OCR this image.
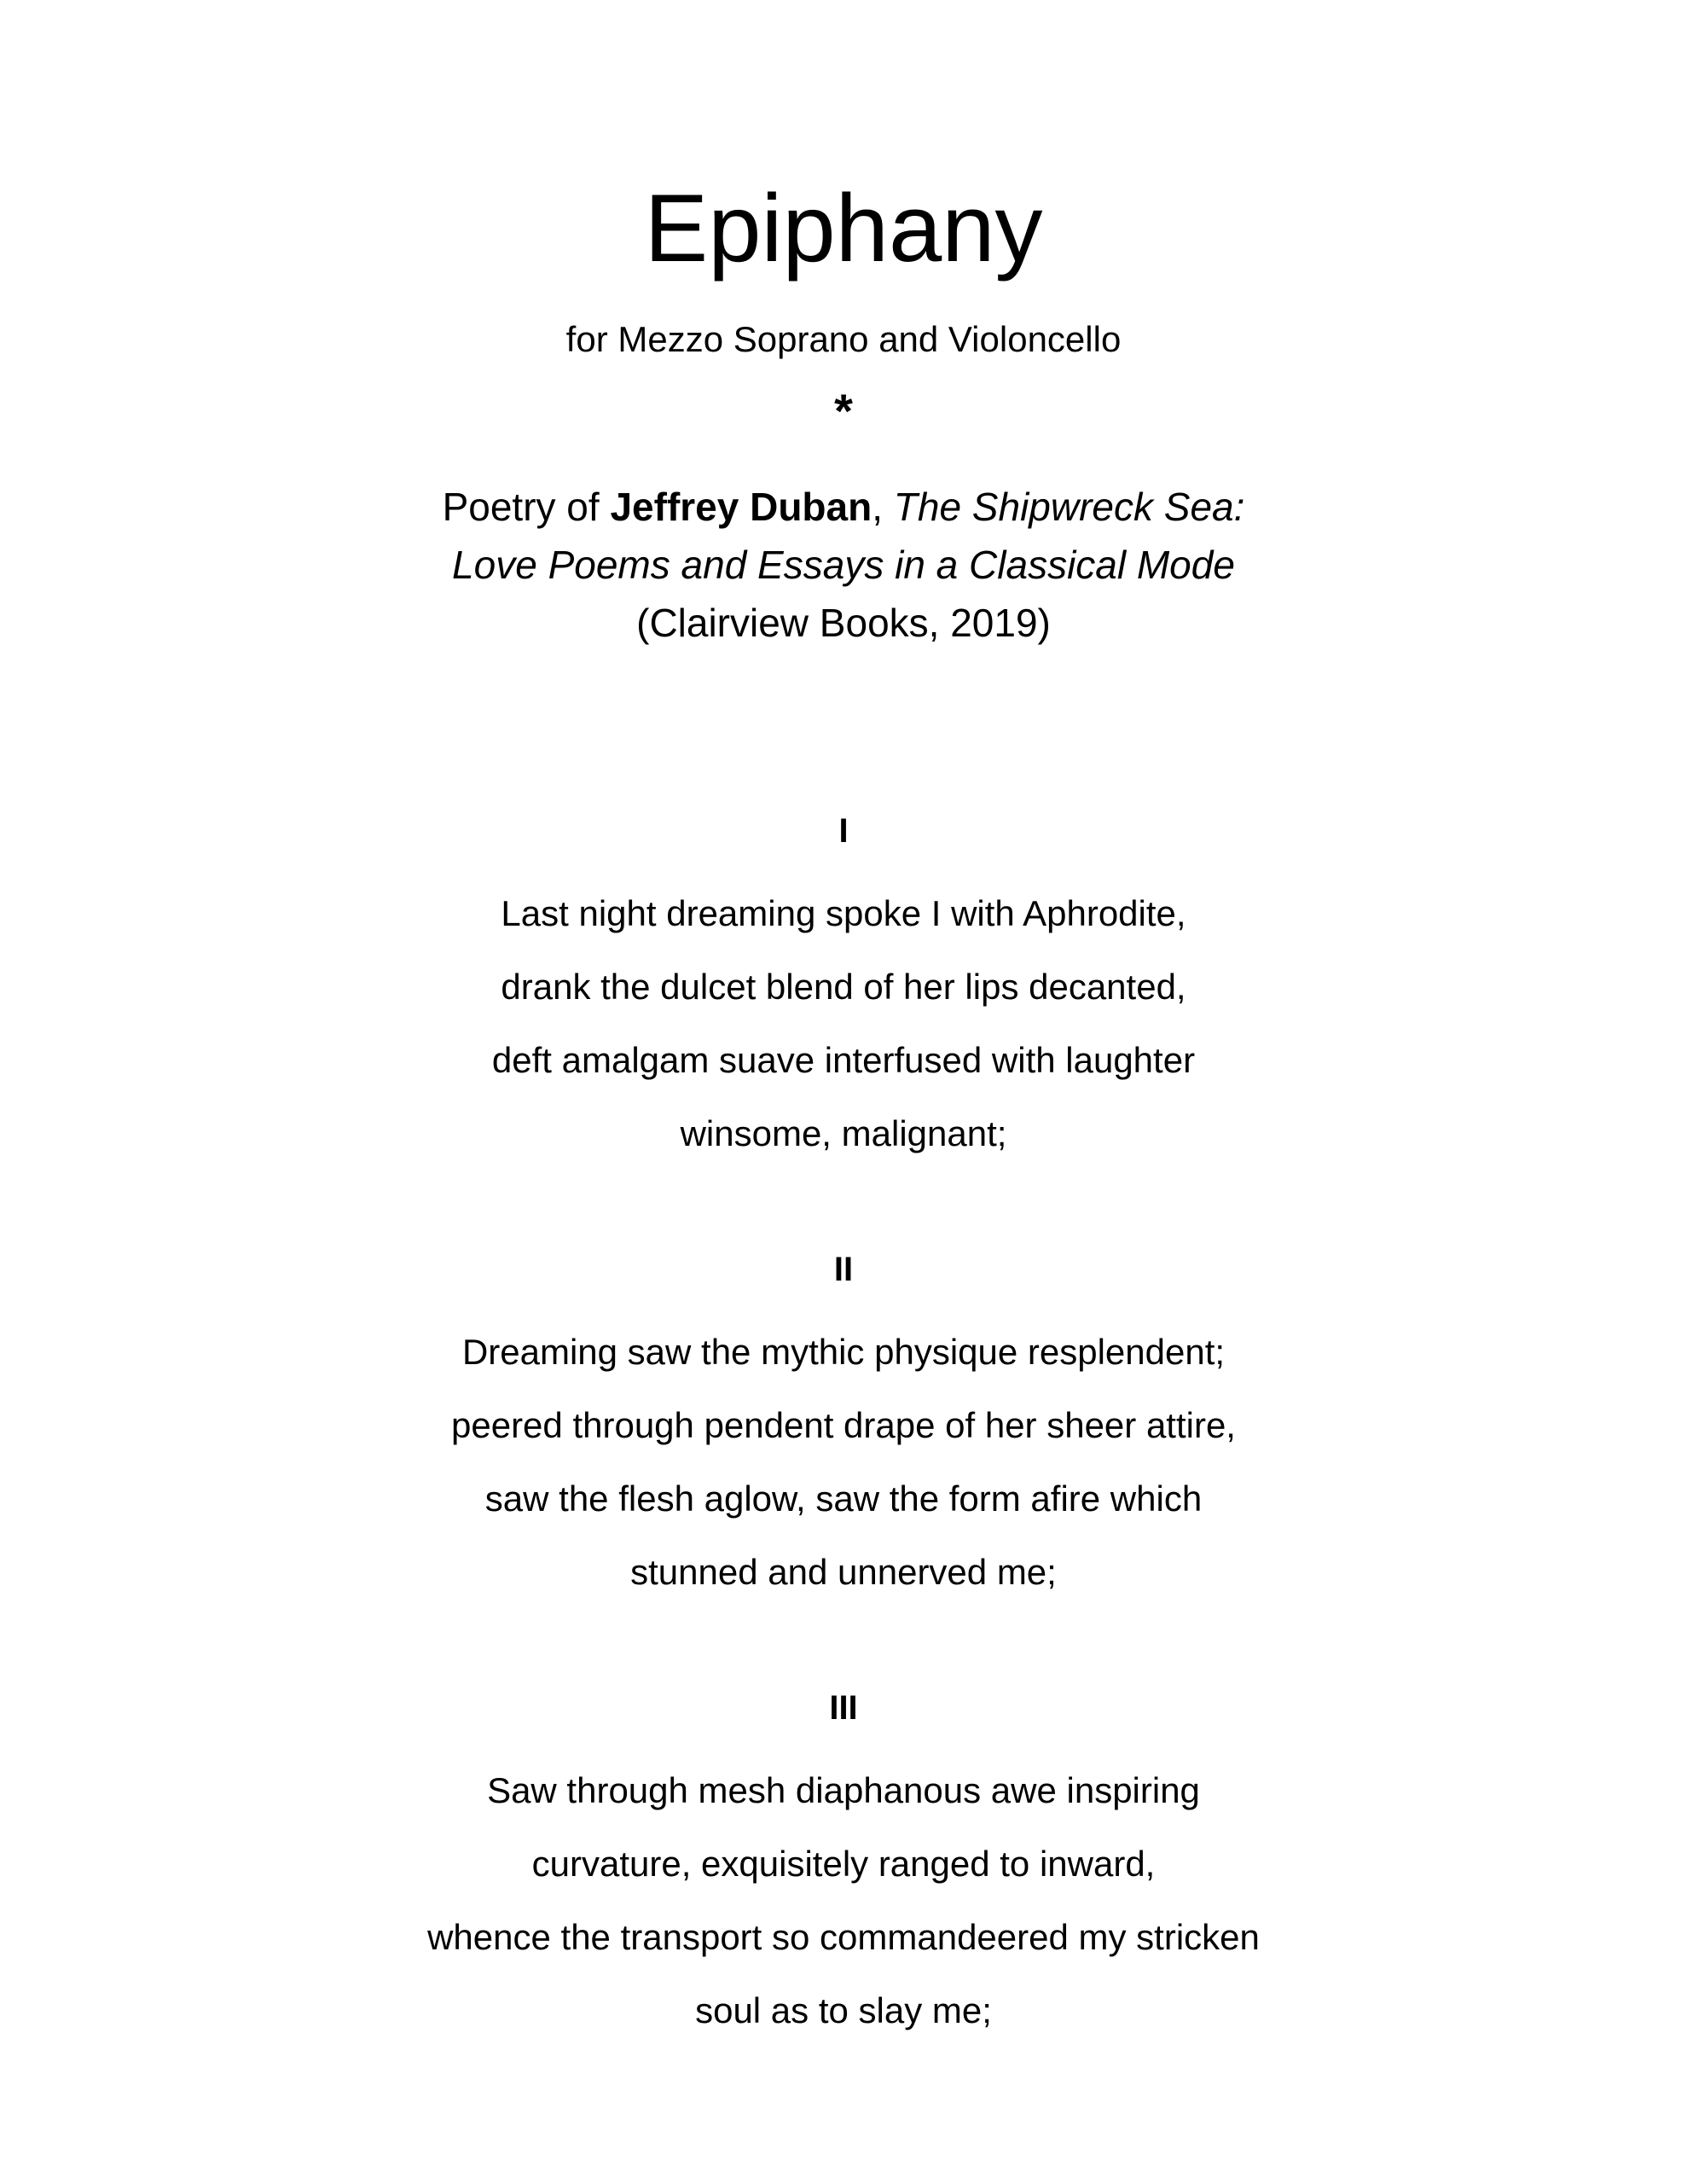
Epiphany
for Mezzo Soprano and Violoncello
*
Poetry of Jeffrey Duban, The Shipwreck Sea:
Love Poems and Essays in a Classical Mode
(Clairview Books, 2019)
I
Last night dreaming spoke I with Aphrodite,
drank the dulcet blend of her lips decanted,
deft amalgam suave interfused with laughter
winsome, malignant;
II
Dreaming saw the mythic physique resplendent;
peered through pendent drape of her sheer attire,
saw the flesh aglow, saw the form afire which
stunned and unnerved me;
III
Saw through mesh diaphanous awe inspiring
curvature, exquisitely ranged to inward,
whence the transport so commandeered my stricken
soul as to slay me;
